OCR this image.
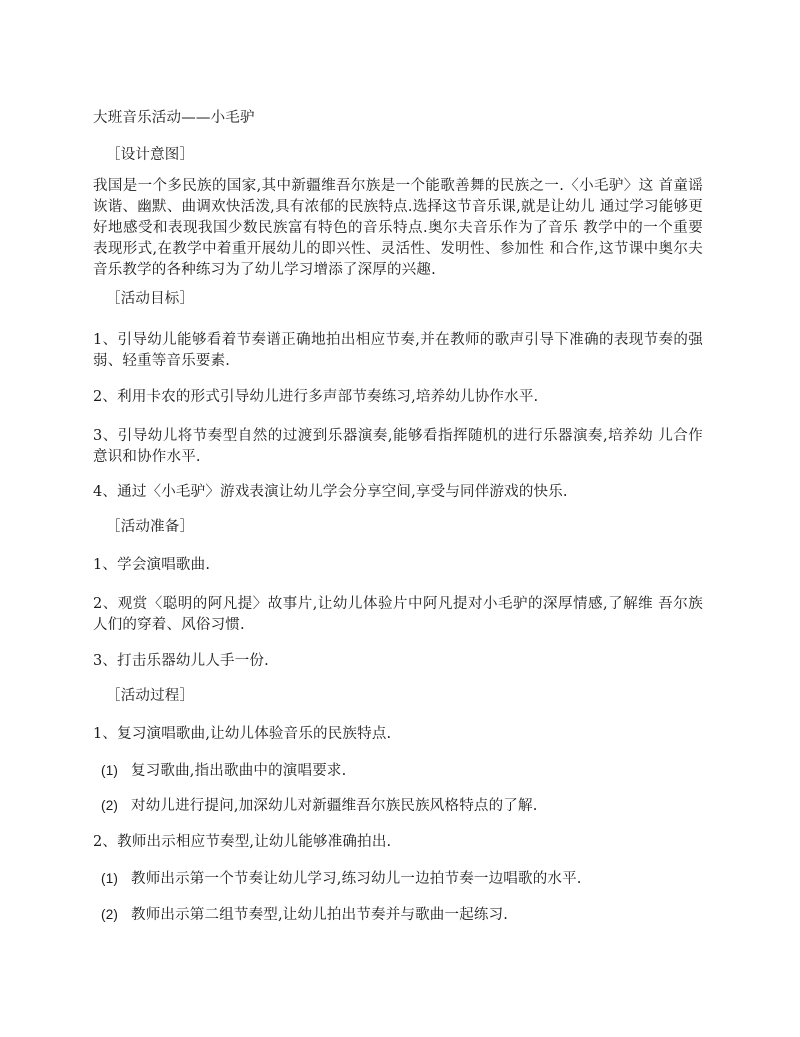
大班音乐活动——小毛驴
［设计意图］
我国是一个多民族的国家,其中新疆维吾尔族是一个能歌善舞的民族之一.〈小毛驴〉这 首童谣诙谐、幽默、曲调欢快活泼,具有浓郁的民族特点.选择这节音乐课,就是让幼儿 通过学习能够更好地感受和表现我国少数民族富有特色的音乐特点.奥尔夫音乐作为了音乐 教学中的一个重要表现形式,在教学中着重开展幼儿的即兴性、灵活性、发明性、参加性 和合作,这节课中奥尔夫音乐教学的各种练习为了幼儿学习增添了深厚的兴趣.
［活动目标］
1、引导幼儿能够看着节奏谱正确地拍出相应节奏,并在教师的歌声引导下准确的表现节奏的强弱、轻重等音乐要素.
2、利用卡农的形式引导幼儿进行多声部节奏练习,培养幼儿协作水平.
3、引导幼儿将节奏型自然的过渡到乐器演奏,能够看指挥随机的进行乐器演奏,培养幼 儿合作意识和协作水平.
4、通过〈小毛驴〉游戏表演让幼儿学会分享空间,享受与同伴游戏的快乐.
［活动准备］
1、学会演唱歌曲.
2、观赏〈聪明的阿凡提〉故事片,让幼儿体验片中阿凡提对小毛驴的深厚情感,了解维 吾尔族人们的穿着、风俗习惯.
3、打击乐器幼儿人手一份.
［活动过程］
1、复习演唱歌曲,让幼儿体验音乐的民族特点.
(1) 复习歌曲,指出歌曲中的演唱要求.
(2) 对幼儿进行提问,加深幼儿对新疆维吾尔族民族风格特点的了解.
2、教师出示相应节奏型,让幼儿能够准确拍出.
(1) 教师出示第一个节奏让幼儿学习,练习幼儿一边拍节奏一边唱歌的水平.
(2) 教师出示第二组节奏型,让幼儿拍出节奏并与歌曲一起练习.
